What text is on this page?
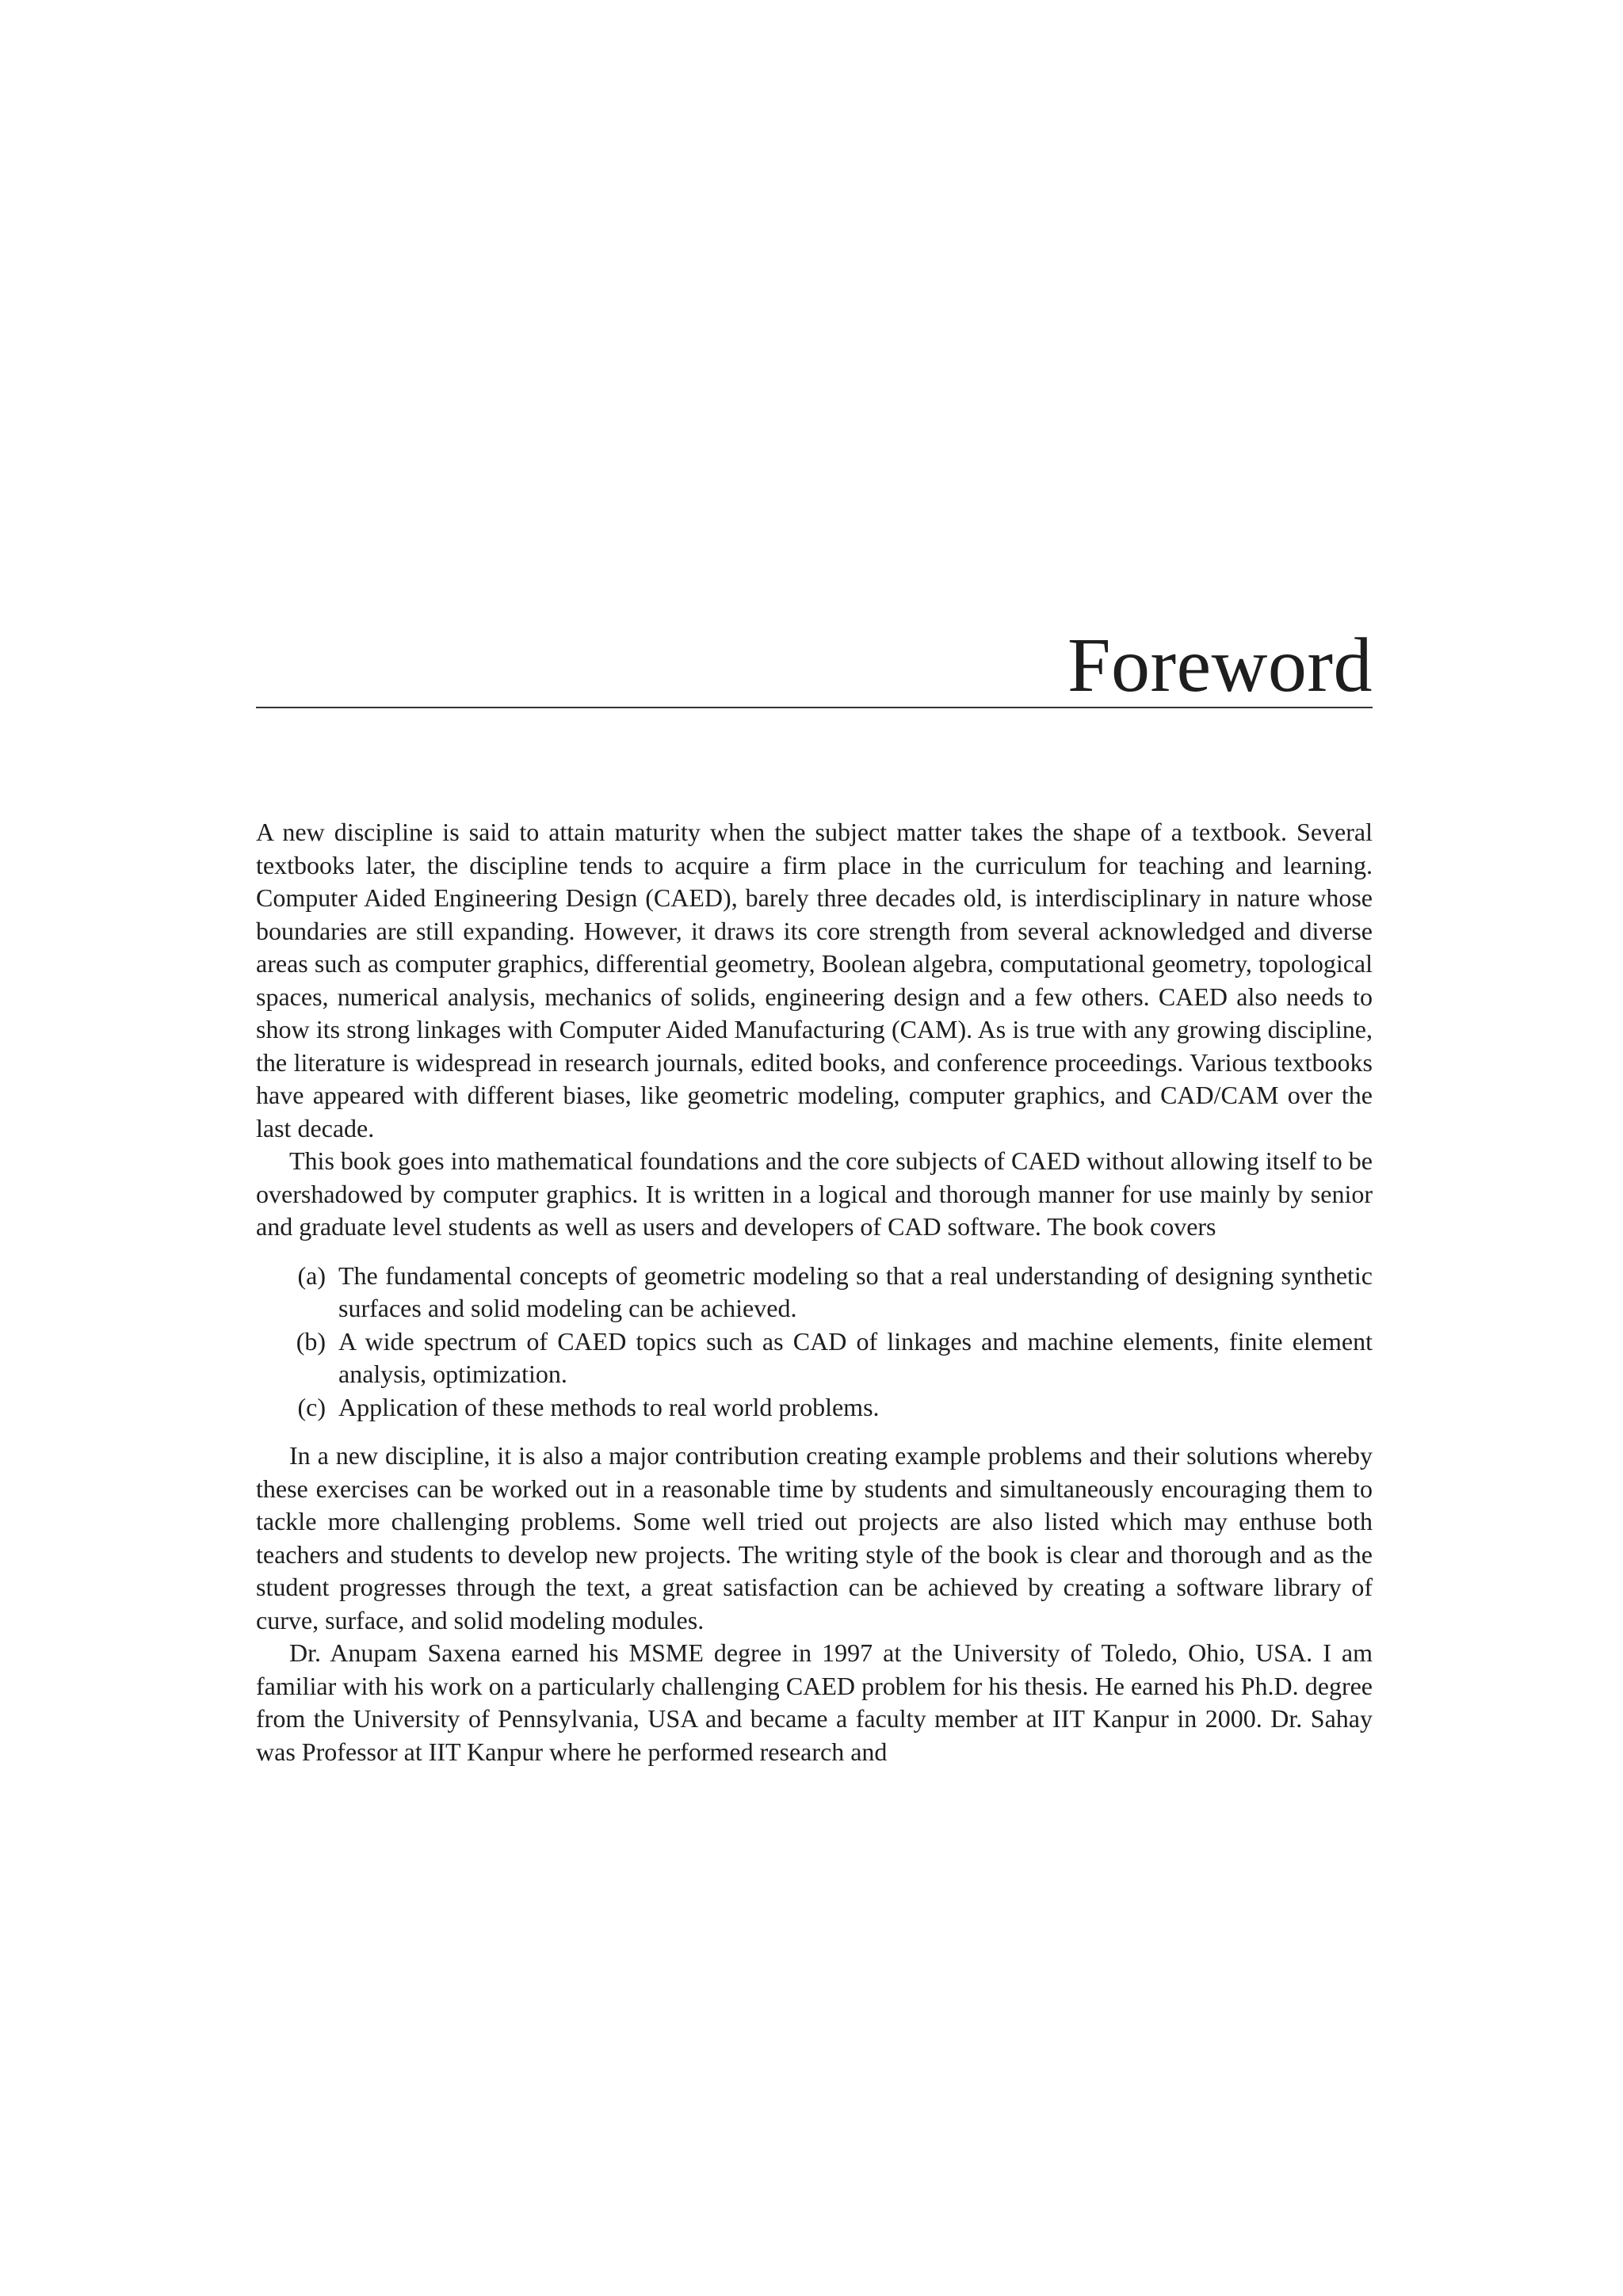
Foreword

A new discipline is said to attain maturity when the subject matter takes the shape of a textbook. Several textbooks later, the discipline tends to acquire a firm place in the curriculum for teaching and learning. Computer Aided Engineering Design (CAED), barely three decades old, is interdisciplinary in nature whose boundaries are still expanding. However, it draws its core strength from several acknowledged and diverse areas such as computer graphics, differential geometry, Boolean algebra, computational geometry, topological spaces, numerical analysis, mechanics of solids, engineering design and a few others. CAED also needs to show its strong linkages with Computer Aided Manufacturing (CAM). As is true with any growing discipline, the literature is widespread in research journals, edited books, and conference proceedings. Various textbooks have appeared with different biases, like geometric modeling, computer graphics, and CAD/CAM over the last decade.

This book goes into mathematical foundations and the core subjects of CAED without allowing itself to be overshadowed by computer graphics. It is written in a logical and thorough manner for use mainly by senior and graduate level students as well as users and developers of CAD software. The book covers

(a) The fundamental concepts of geometric modeling so that a real understanding of designing synthetic surfaces and solid modeling can be achieved.
(b) A wide spectrum of CAED topics such as CAD of linkages and machine elements, finite element analysis, optimization.
(c) Application of these methods to real world problems.

In a new discipline, it is also a major contribution creating example problems and their solutions whereby these exercises can be worked out in a reasonable time by students and simultaneously encouraging them to tackle more challenging problems. Some well tried out projects are also listed which may enthuse both teachers and students to develop new projects. The writing style of the book is clear and thorough and as the student progresses through the text, a great satisfaction can be achieved by creating a software library of curve, surface, and solid modeling modules.

Dr. Anupam Saxena earned his MSME degree in 1997 at the University of Toledo, Ohio, USA. I am familiar with his work on a particularly challenging CAED problem for his thesis. He earned his Ph.D. degree from the University of Pennsylvania, USA and became a faculty member at IIT Kanpur in 2000. Dr. Sahay was Professor at IIT Kanpur where he performed research and
